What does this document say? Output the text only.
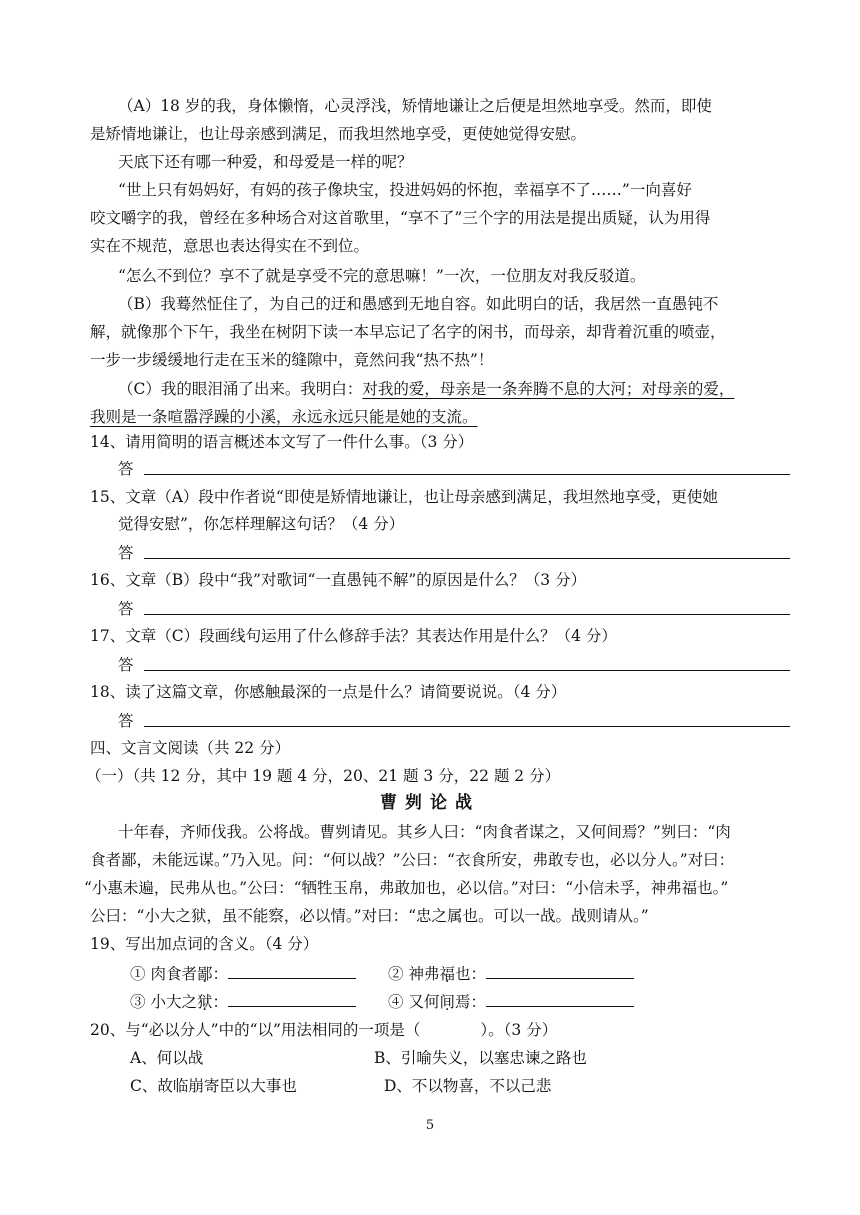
（A）18 岁的我，身体懒惰，心灵浮浅，矫情地谦让之后便是坦然地享受。然而，即使
是矫情地谦让，也让母亲感到满足，而我坦然地享受，更使她觉得安慰。
天底下还有哪一种爱，和母爱是一样的呢？
“世上只有妈妈好，有妈的孩子像块宝，投进妈妈的怀抱，幸福享不了……”一向喜好
咬文嚼字的我，曾经在多种场合对这首歌里，“享不了”三个字的用法是提出质疑，认为用得
实在不规范，意思也表达得实在不到位。
“怎么不到位？享不了就是享受不完的意思嘛！”一次，一位朋友对我反驳道。
（B）我蓦然怔住了，为自己的迂和愚感到无地自容。如此明白的话，我居然一直愚钝不
解，就像那个下午，我坐在树阴下读一本早忘记了名字的闲书，而母亲，却背着沉重的喷壶，
一步一步缓缓地行走在玉米的缝隙中，竟然问我“热不热”！
（C）我的眼泪涌了出来。我明白：对我的爱，母亲是一条奔腾不息的大河；对母亲的爱，
我则是一条喧嚣浮躁的小溪，永远永远只能是她的支流。
14、请用简明的语言概述本文写了一件什么事。（3 分）
答
15、文章（A）段中作者说“即使是矫情地谦让，也让母亲感到满足，我坦然地享受，更使她
觉得安慰”，你怎样理解这句话？（4 分）
答
16、文章（B）段中“我”对歌词“一直愚钝不解”的原因是什么？（3 分）
答
17、文章（C）段画线句运用了什么修辞手法？其表达作用是什么？（4 分）
答
18、读了这篇文章，你感触最深的一点是什么？请简要说说。（4 分）
答
四、文言文阅读（共 22 分）
（一）（共 12 分，其中 19 题 4 分，20、21 题 3 分，22 题 2 分）
曹刿论战
十年春，齐师伐我。公将战。曹刿请见。其乡人曰：“肉食者谋之，又何间焉？”刿曰：“肉
食者鄙，未能远谋。”乃入见。问：“何以战？”公曰：“衣食所安，弗敢专也，必以分人。”对曰：
“小惠未遍，民弗从也。”公曰：“牺牲玉帛，弗敢加也，必以信。”对曰：“小信未孚，神弗福也。”
公曰：“小大之狱，虽不能察，必以情。”对曰：“忠之属也。可以一战。战则请从。”
19、写出加点词的含义。（4 分）
① 肉食者鄙：	② 神弗福也：
③ 小大之狱：	④ 又何间焉：
20、与“必以分人”中的“以”用法相同的一项是（	）。（3 分）
A、何以战	B、引喻失义，以塞忠谏之路也
C、故临崩寄臣以大事也	D、不以物喜，不以己悲
5
